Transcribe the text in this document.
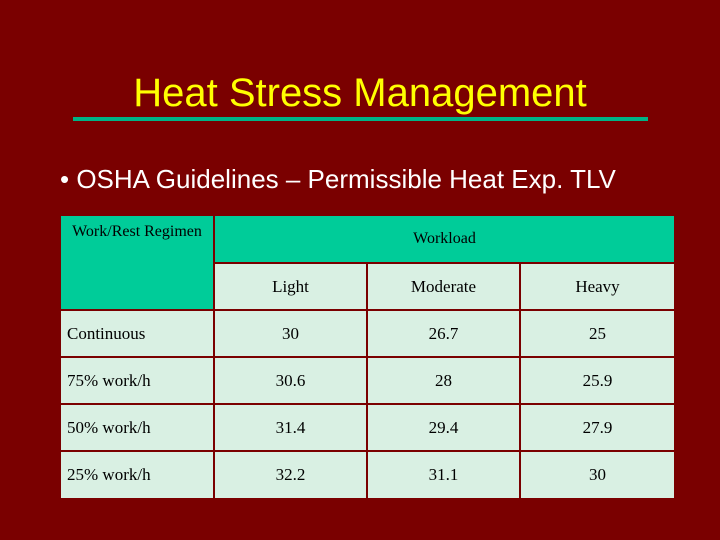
Heat Stress Management
• OSHA Guidelines – Permissible Heat Exp. TLV
Work/Rest Regimen	Workload		
	Light	Moderate	Heavy
Continuous	30	26.7	25
75% work/h	30.6	28	25.9
50% work/h	31.4	29.4	27.9
25% work/h	32.2	31.1	30
